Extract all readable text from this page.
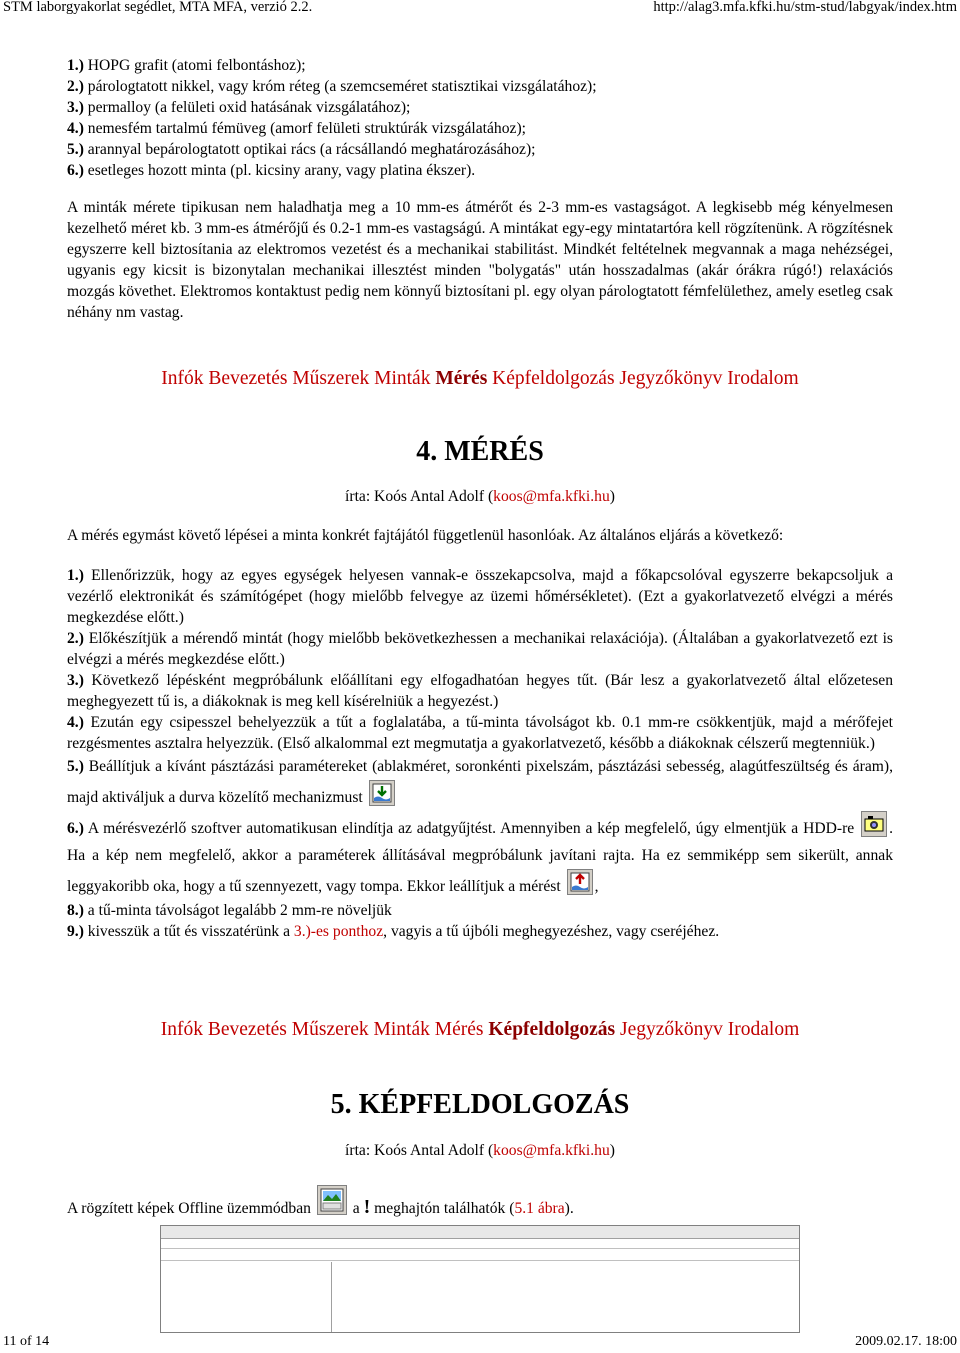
STM laborgyakorlat segédlet, MTA MFA, verzió 2.2.	http://alag3.mfa.kfki.hu/stm-stud/labgyak/index.htm
1.) HOPG grafit (atomi felbontáshoz);
2.) párologtatott nikkel, vagy króm réteg (a szemcseméret statisztikai vizsgálatához);
3.) permalloy (a felületi oxid hatásának vizsgálatához);
4.) nemesfém tartalmú fémüveg (amorf felületi struktúrák vizsgálatához);
5.) arannyal bepárologtatott optikai rács (a rácsállandó meghatározásához);
6.) esetleges hozott minta (pl. kicsiny arany, vagy platina ékszer).
A minták mérete tipikusan nem haladhatja meg a 10 mm-es átmérőt és 2-3 mm-es vastagságot. A legkisebb még kényelmesen kezelhető méret kb. 3 mm-es átmérőjű és 0.2-1 mm-es vastagságú. A mintákat egy-egy mintatartóra kell rögzítenünk. A rögzítésnek egyszerre kell biztosítania az elektromos vezetést és a mechanikai stabilitást. Mindkét feltételnek megvannak a maga nehézségei, ugyanis egy kicsit is bizonytalan mechanikai illesztést minden "bolygatás" után hosszadalmas (akár órákra rúgó!) relaxációs mozgás követhet. Elektromos kontaktust pedig nem könnyű biztosítani pl. egy olyan párologtatott fémfelülethez, amely esetleg csak néhány nm vastag.
Infók Bevezetés Műszerek Minták Mérés Képfeldolgozás Jegyzőkönyv Irodalom
4. MÉRÉS
írta: Koós Antal Adolf (koos@mfa.kfki.hu)
A mérés egymást követő lépései a minta konkrét fajtájától függetlenül hasonlóak. Az általános eljárás a következő:
1.) Ellenőrizzük, hogy az egyes egységek helyesen vannak-e összekapcsolva, majd a főkapcsolóval egyszerre bekapcsoljuk a vezérlő elektronikát és számítógépet (hogy mielőbb felvegye az üzemi hőmérsékletet). (Ezt a gyakorlatvezető elvégzi a mérés megkezdése előtt.)
2.) Előkészítjük a mérendő mintát (hogy mielőbb bekövetkezhessen a mechanikai relaxációja). (Általában a gyakorlatvezető ezt is elvégzi a mérés megkezdése előtt.)
3.) Következő lépésként megpróbálunk előállítani egy elfogadhatóan hegyes tűt. (Bár lesz a gyakorlatvezető által előzetesen meghegyezett tű is, a diákoknak is meg kell kísérelniük a hegyezést.)
4.) Ezután egy csipesszel behelyezzük a tűt a foglalatába, a tű-minta távolságot kb. 0.1 mm-re csökkentjük, majd a mérőfejet rezgésmentes asztalra helyezzük. (Első alkalommal ezt megmutatja a gyakorlatvezető, később a diákoknak célszerű megtenniük.)
5.) Beállítjuk a kívánt pásztázási paramétereket (ablakméret, soronkénti pixelszám, pásztázási sebesség, alagútfeszültség és áram), majd aktiváljuk a durva közelítő mechanizmust
6.) A mérésvezérlő szoftver automatikusan elindítja az adatgyűjtést. Amennyiben a kép megfelelő, úgy elmentjük a HDD-re . Ha a kép nem megfelelő, akkor a paraméterek állításával megpróbálunk javítani rajta. Ha ez semmiképp sem sikerült, annak leggyakoribb oka, hogy a tű szennyezett, vagy tompa. Ekkor leállítjuk a mérést ,
8.) a tű-minta távolságot legalább 2 mm-re növeljük
9.) kivesszük a tűt és visszatérünk a 3.)-es ponthoz, vagyis a tű újbóli meghegyezéshez, vagy cseréjéhez.
Infók Bevezetés Műszerek Minták Mérés Képfeldolgozás Jegyzőkönyv Irodalom
5. KÉPFELDOLGOZÁS
írta: Koós Antal Adolf (koos@mfa.kfki.hu)
A rögzített képek Offline üzemmódban
a ! meghajtón találhatók (5.1 ábra).
11 of 14	2009.02.17. 18:00
